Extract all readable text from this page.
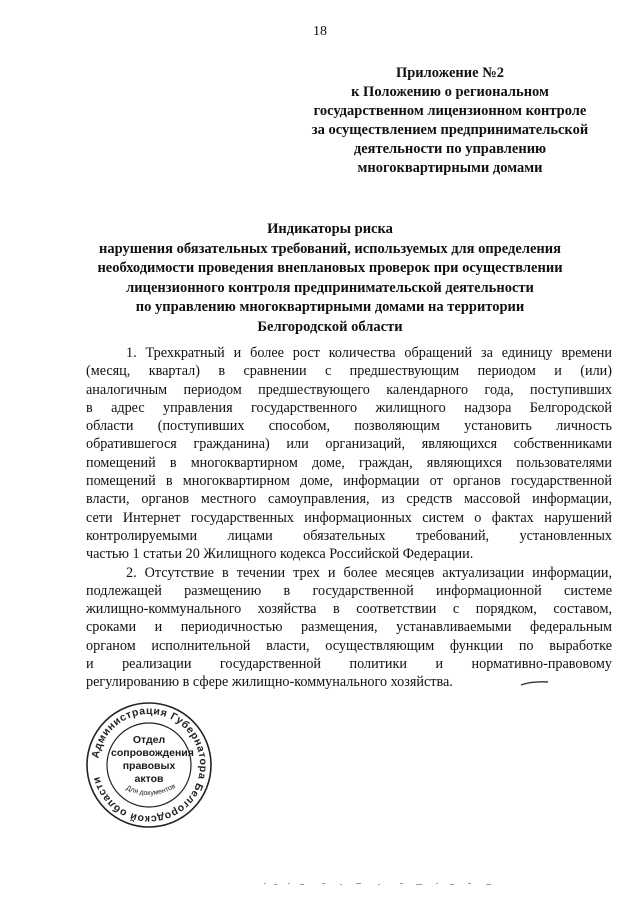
18
Приложение №2
к Положению о региональном
государственном лицензионном контроле
за осуществлением предпринимательской
деятельности по управлению
многоквартирными домами
Индикаторы риска
нарушения обязательных требований, используемых для определения
необходимости проведения внеплановых проверок при осуществлении
лицензионного контроля предпринимательской деятельности
по управлению многоквартирными домами на территории
Белгородской области
1. Трехкратный и более рост количества обращений за единицу времени
(месяц, квартал) в сравнении с предшествующим периодом и (или)
аналогичным периодом предшествующего календарного года, поступивших
в адрес управления государственного жилищного надзора Белгородской
области (поступивших способом, позволяющим установить личность
обратившегося гражданина) или организаций, являющихся собственниками
помещений в многоквартирном доме, граждан, являющихся пользователями
помещений в многоквартирном доме, информации от органов государственной
власти, органов местного самоуправления, из средств массовой информации,
сети Интернет государственных информационных систем о фактах нарушений
контролируемыми лицами обязательных требований, установленных
частью 1 статьи 20 Жилищного кодекса Российской Федерации.
2. Отсутствие в течении трех и более месяцев актуализации информации,
подлежащей размещению в государственной информационной системе
жилищно-коммунального хозяйства в соответствии с порядком, составом,
сроками и периодичностью размещения, устанавливаемыми федеральным
органом исполнительной власти, осуществляющим функции по выработке
и реализации государственной политики и нормативно-правовому
регулированию в сфере жилищно-коммунального хозяйства.
Администрация Губернатора Белгородской области
Для документов
Отдел
сопровождения
правовых
актов
